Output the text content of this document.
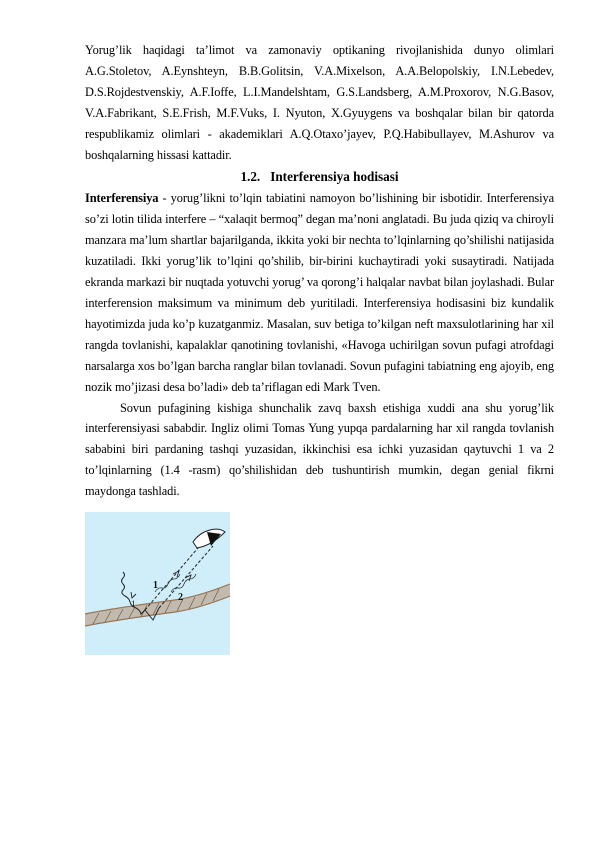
Yorug’lik haqidagi ta’limot va zamonaviy optikaning rivojlanishida dunyo olimlari A.G.Stoletov, A.Eynshteyn, B.B.Golitsin, V.A.Mixelson, A.A.Belopolskiy, I.N.Lebedev, D.S.Rojdestvenskiy, A.F.Ioffe, L.I.Mandelshtam, G.S.Landsberg, A.M.Proxorov, N.G.Basov, V.A.Fabrikant, S.E.Frish, M.F.Vuks, I. Nyuton, X.Gyuygens va boshqalar bilan bir qatorda respublikamiz olimlari - akademiklari A.Q.Otaxo’jayev, P.Q.Habibullayev, M.Ashurov va boshqalarning hissasi kattadir.

1.2. Interferensiya hodisasi

Interferensiya - yorug’likni to’lqin tabiatini namoyon bo’lishining bir isbotidir. Interferensiya so’zi lotin tilida interfere – “xalaqit bermoq” degan ma’noni anglatadi. Bu juda qiziq va chiroyli manzara ma’lum shartlar bajarilganda, ikkita yoki bir nechta to’lqinlarning qo’shilishi natijasida kuzatiladi. Ikki yorug’lik to’lqini qo’shilib, bir-birini kuchaytiradi yoki susaytiradi. Natijada ekranda markazi bir nuqtada yotuvchi yorug’ va qorong’i halqalar navbat bilan joylashadi. Bular interferension maksimum va minimum deb yuritiladi. Interferensiya hodisasini biz kundalik hayotimizda juda ko’p kuzatganmiz. Masalan, suv betiga to’kilgan neft maxsulotlarining har xil rangda tovlanishi, kapalaklar qanotining tovlanishi, «Havoga uchirilgan sovun pufagi atrofdagi narsalarga xos bo’lgan barcha ranglar bilan tovlanadi. Sovun pufagini tabiatning eng ajoyib, eng nozik mo’jizasi desa bo’ladi» deb ta’riflagan edi Mark Tven.

Sovun pufagining kishiga shunchalik zavq baxsh etishiga xuddi ana shu yorug’lik interferensiyasi sababdir. Ingliz olimi Tomas Yung yupqa pardalarning har xil rangda tovlanish sababini biri pardaning tashqi yuzasidan, ikkinchisi esa ichki yuzasidan qaytuvchi 1 va 2 to’lqinlarning (1.4 -rasm) qo’shilishidan deb tushuntirish mumkin, degan genial fikrni maydonga tashladi.

1
2
1
